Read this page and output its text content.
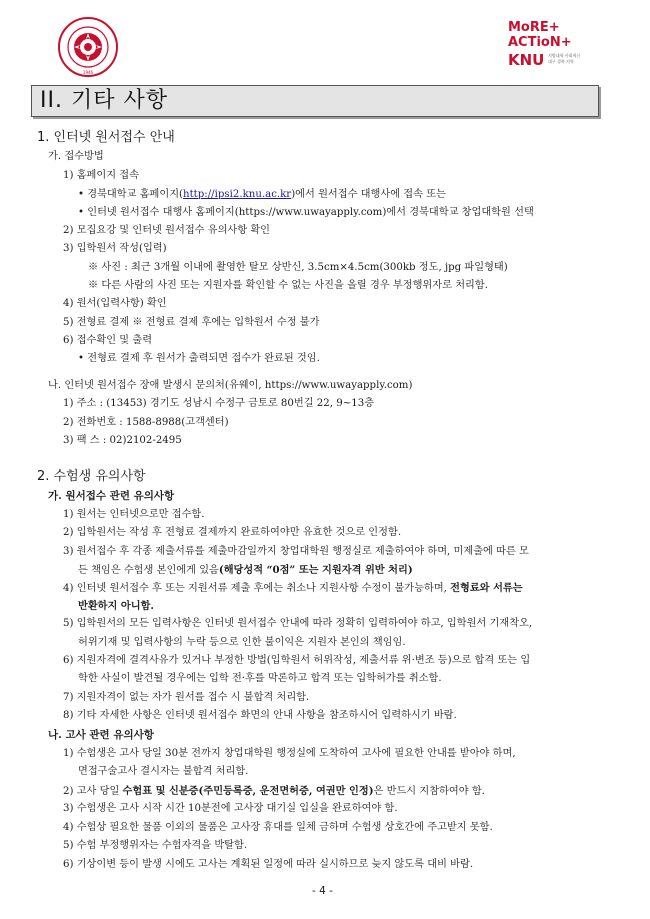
1946
MoRE+
ACTioN+
KNU 지방대학 사회혁신
대구 경북 지역
II. 기타 사항
1. 인터넷 원서접수 안내
가. 접수방법
1) 홈페이지 접속
• 경북대학교 홈페이지(http://ipsi2.knu.ac.kr)에서 원서접수 대행사에 접속 또는
• 인터넷 원서접수 대행사 홈페이지(https://www.uwayapply.com)에서 경북대학교 창업대학원 선택
2) 모집요강 및 인터넷 원서접수 유의사항 확인
3) 입학원서 작성(입력)
※ 사진 : 최근 3개월 이내에 촬영한 탈모 상반신, 3.5cm×4.5cm(300kb 정도, jpg 파일형태)
※ 다른 사람의 사진 또는 지원자를 확인할 수 없는 사진을 올릴 경우 부정행위자로 처리함.
4) 원서(입력사항) 확인
5) 전형료 결제 ※ 전형료 결제 후에는 입학원서 수정 불가
6) 접수확인 및 출력
• 전형료 결제 후 원서가 출력되면 접수가 완료된 것임.
나. 인터넷 원서접수 장애 발생시 문의처(유웨이, https://www.uwayapply.com)
1) 주소 : (13453) 경기도 성남시 수정구 금토로 80번길 22, 9~13층
2) 전화번호 : 1588-8988(고객센터)
3) 팩 스 : 02)2102-2495
2. 수험생 유의사항
가. 원서접수 관련 유의사항
1) 원서는 인터넷으로만 접수함.
2) 입학원서는 작성 후 전형료 결제까지 완료하여야만 유효한 것으로 인정함.
3) 원서접수 후 각종 제출서류를 제출마감일까지 창업대학원 행정실로 제출하여야 하며, 미제출에 따른 모
든 책임은 수험생 본인에게 있음(해당성적 “0점” 또는 지원자격 위반 처리)
4) 인터넷 원서접수 후 또는 지원서류 제출 후에는 취소나 지원사항 수정이 불가능하며, 전형료와 서류는
반환하지 아니함.
5) 입학원서의 모든 입력사항은 인터넷 원서접수 안내에 따라 정확히 입력하여야 하고, 입학원서 기재착오,
허위기재 및 입력사항의 누락 등으로 인한 불이익은 지원자 본인의 책임임.
6) 지원자격에 결격사유가 있거나 부정한 방법(입학원서 허위작성, 제출서류 위·변조 등)으로 합격 또는 입
학한 사실이 발견될 경우에는 입학 전·후를 막론하고 합격 또는 입학허가를 취소함.
7) 지원자격이 없는 자가 원서를 접수 시 불합격 처리함.
8) 기타 자세한 사항은 인터넷 원서접수 화면의 안내 사항을 참조하시어 입력하시기 바람.
나. 고사 관련 유의사항
1) 수험생은 고사 당일 30분 전까지 창업대학원 행정실에 도착하여 고사에 필요한 안내를 받아야 하며,
면접구술고사 결시자는 불합격 처리함.
2) 고사 당일 수험표 및 신분증(주민등록증, 운전면허증, 여권만 인정)은 반드시 지참하여야 함.
3) 수험생은 고사 시작 시간 10분전에 고사장 대기실 입실을 완료하여야 함.
4) 수험상 필요한 물품 이외의 물품은 고사장 휴대를 일체 금하며 수험생 상호간에 주고받지 못함.
5) 수험 부정행위자는 수험자격을 박탈함.
6) 기상이변 등이 발생 시에도 고사는 계획된 일정에 따라 실시하므로 늦지 않도록 대비 바람.
- 4 -
